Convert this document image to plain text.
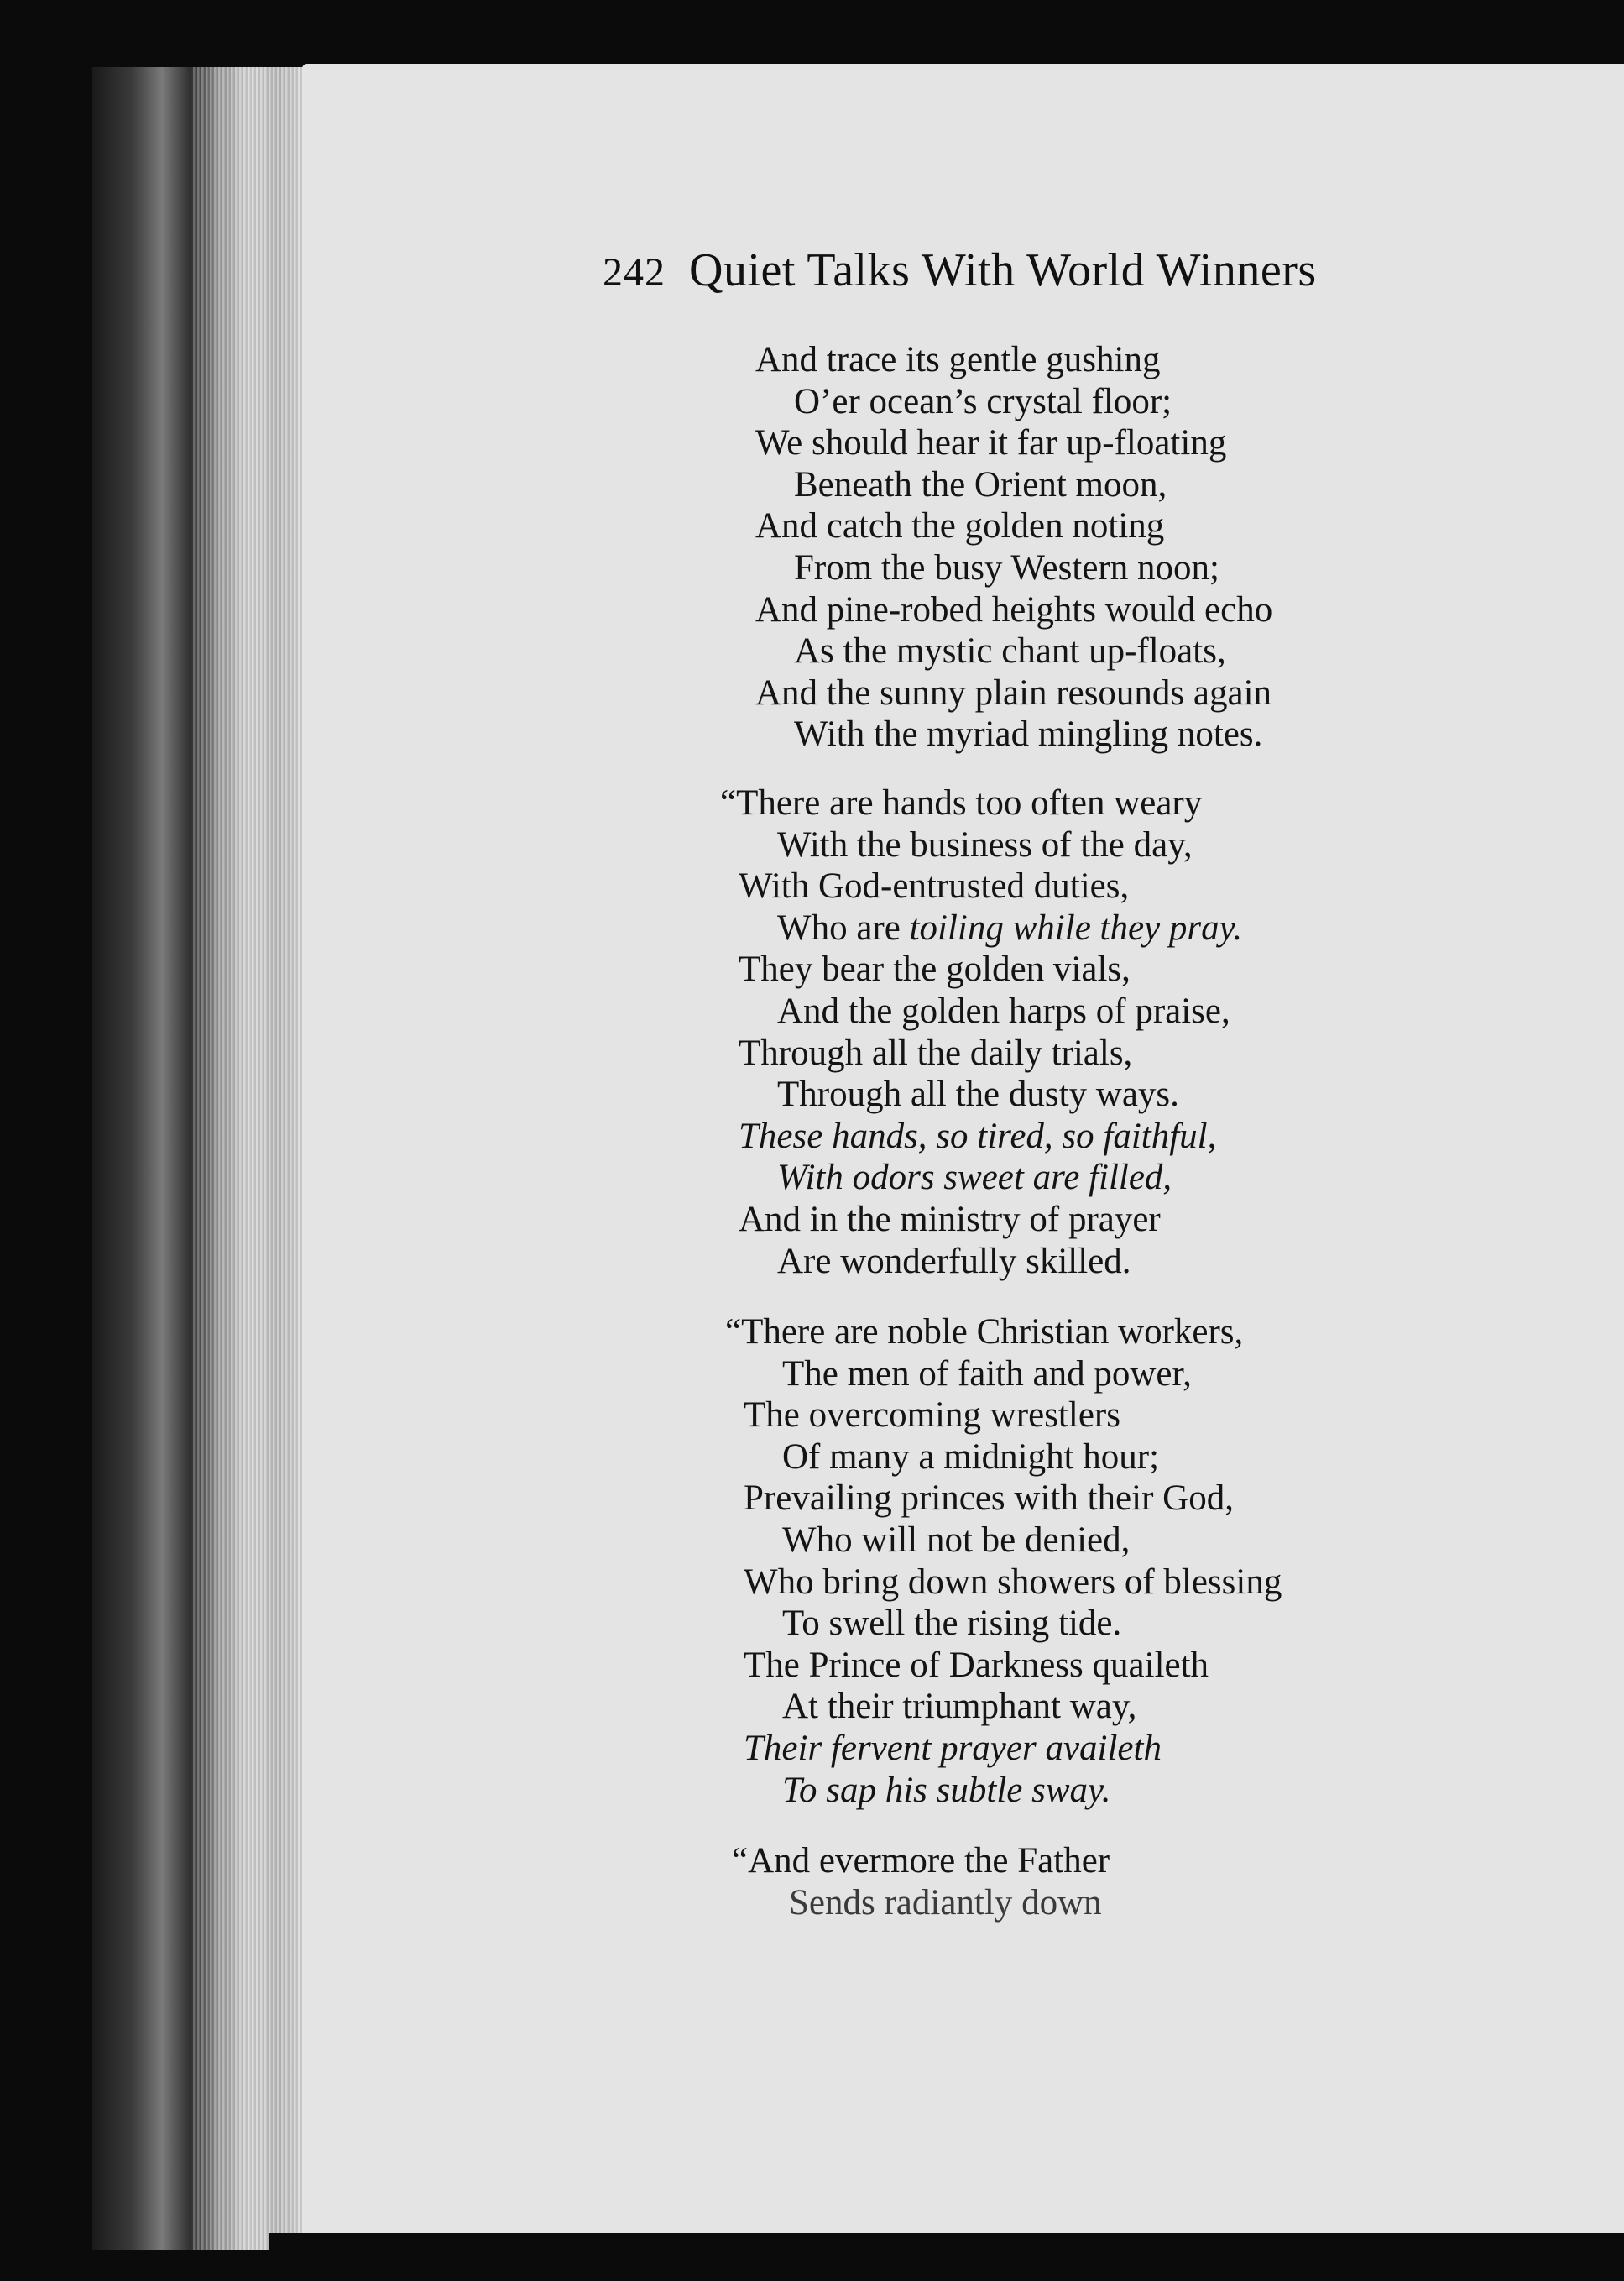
242 Quiet Talks With World Winners
And trace its gentle gushing
O’er ocean’s crystal floor;
We should hear it far up-floating
Beneath the Orient moon,
And catch the golden noting
From the busy Western noon;
And pine-robed heights would echo
As the mystic chant up-floats,
And the sunny plain resounds again
With the myriad mingling notes.
“There are hands too often weary
With the business of the day,
With God-entrusted duties,
Who are toiling while they pray.
They bear the golden vials,
And the golden harps of praise,
Through all the daily trials,
Through all the dusty ways.
These hands, so tired, so faithful,
With odors sweet are filled,
And in the ministry of prayer
Are wonderfully skilled.
“There are noble Christian workers,
The men of faith and power,
The overcoming wrestlers
Of many a midnight hour;
Prevailing princes with their God,
Who will not be denied,
Who bring down showers of blessing
To swell the rising tide.
The Prince of Darkness quaileth
At their triumphant way,
Their fervent prayer availeth
To sap his subtle sway.
“And evermore the Father
Sends radiantly down
